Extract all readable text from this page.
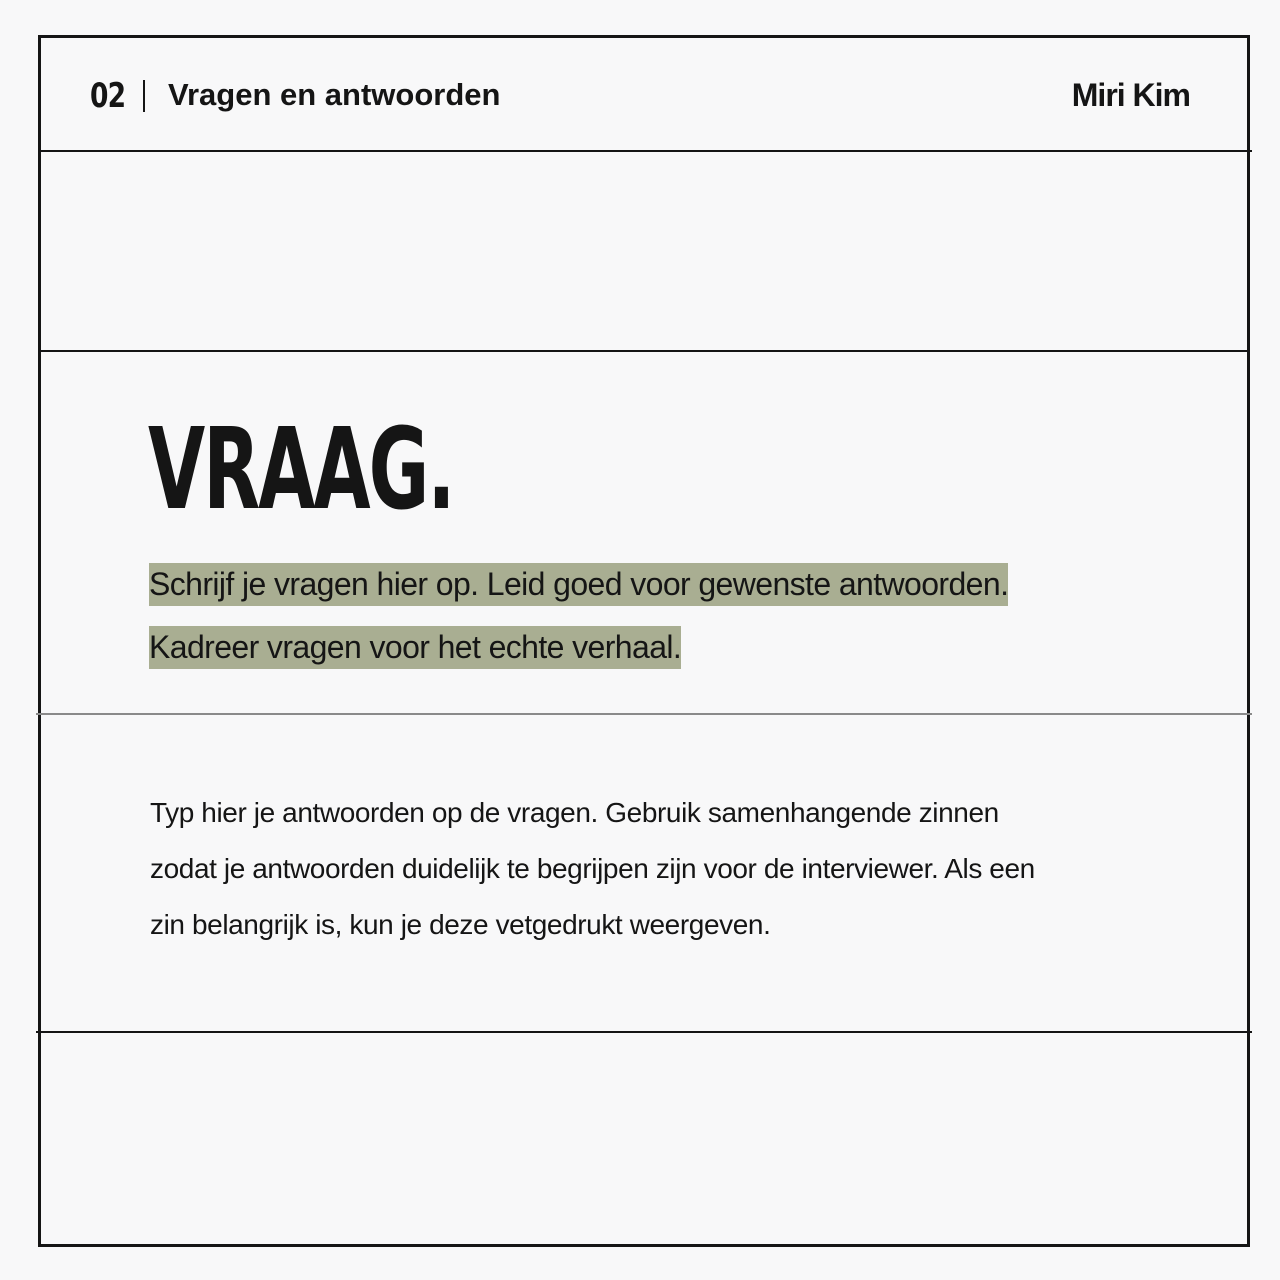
02 Vragen en antwoorden	Miri Kim
VRAAG.
Schrijf je vragen hier op. Leid goed voor gewenste antwoorden.
Kadreer vragen voor het echte verhaal.
Typ hier je antwoorden op de vragen. Gebruik samenhangende zinnen
zodat je antwoorden duidelijk te begrijpen zijn voor de interviewer. Als een
zin belangrijk is, kun je deze vetgedrukt weergeven.
